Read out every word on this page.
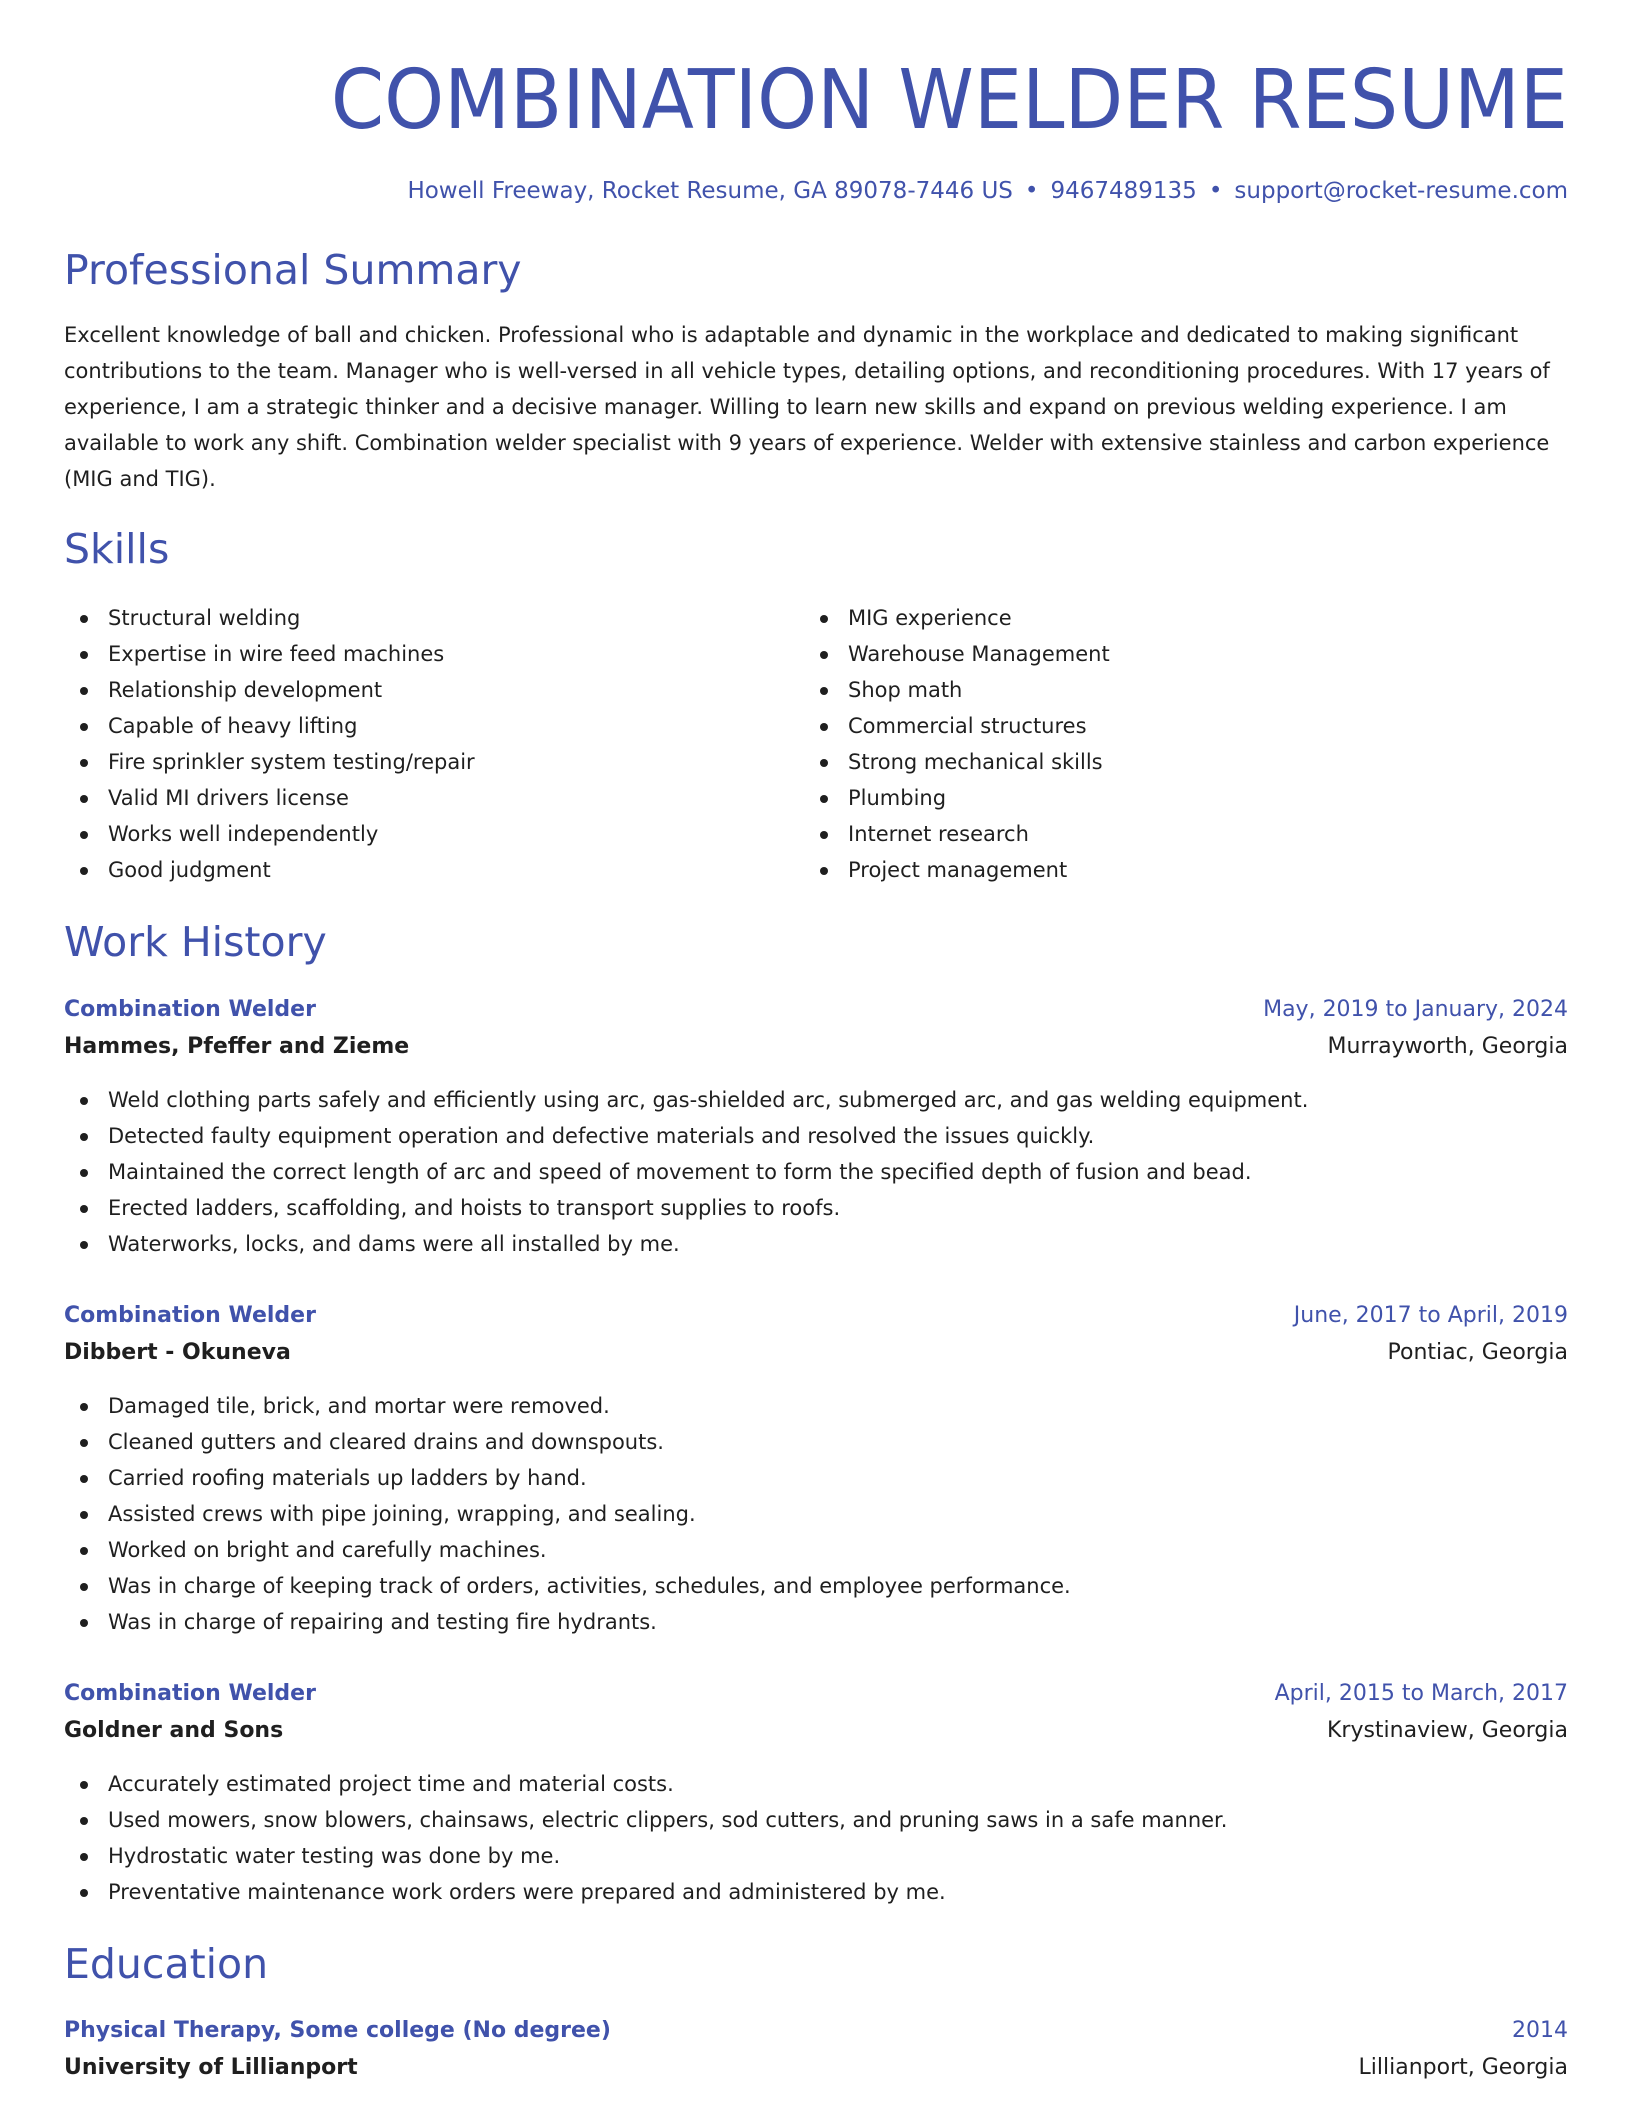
COMBINATION WELDER RESUME
Howell Freeway, Rocket Resume, GA 89078-7446 US • 9467489135 • support@rocket-resume.com
Professional Summary
Excellent knowledge of ball and chicken. Professional who is adaptable and dynamic in the workplace and dedicated to making significant contributions to the team. Manager who is well-versed in all vehicle types, detailing options, and reconditioning procedures. With 17 years of experience, I am a strategic thinker and a decisive manager. Willing to learn new skills and expand on previous welding experience. I am available to work any shift. Combination welder specialist with 9 years of experience. Welder with extensive stainless and carbon experience (MIG and TIG).
Skills
Structural welding
Expertise in wire feed machines
Relationship development
Capable of heavy lifting
Fire sprinkler system testing/repair
Valid MI drivers license
Works well independently
Good judgment
MIG experience
Warehouse Management
Shop math
Commercial structures
Strong mechanical skills
Plumbing
Internet research
Project management
Work History
Combination Welder	May, 2019 to January, 2024
Hammes, Pfeffer and Zieme	Murrayworth, Georgia
Weld clothing parts safely and efficiently using arc, gas-shielded arc, submerged arc, and gas welding equipment.
Detected faulty equipment operation and defective materials and resolved the issues quickly.
Maintained the correct length of arc and speed of movement to form the specified depth of fusion and bead.
Erected ladders, scaffolding, and hoists to transport supplies to roofs.
Waterworks, locks, and dams were all installed by me.
Combination Welder	June, 2017 to April, 2019
Dibbert - Okuneva	Pontiac, Georgia
Damaged tile, brick, and mortar were removed.
Cleaned gutters and cleared drains and downspouts.
Carried roofing materials up ladders by hand.
Assisted crews with pipe joining, wrapping, and sealing.
Worked on bright and carefully machines.
Was in charge of keeping track of orders, activities, schedules, and employee performance.
Was in charge of repairing and testing fire hydrants.
Combination Welder	April, 2015 to March, 2017
Goldner and Sons	Krystinaview, Georgia
Accurately estimated project time and material costs.
Used mowers, snow blowers, chainsaws, electric clippers, sod cutters, and pruning saws in a safe manner.
Hydrostatic water testing was done by me.
Preventative maintenance work orders were prepared and administered by me.
Education
Physical Therapy, Some college (No degree)	2014
University of Lillianport	Lillianport, Georgia
